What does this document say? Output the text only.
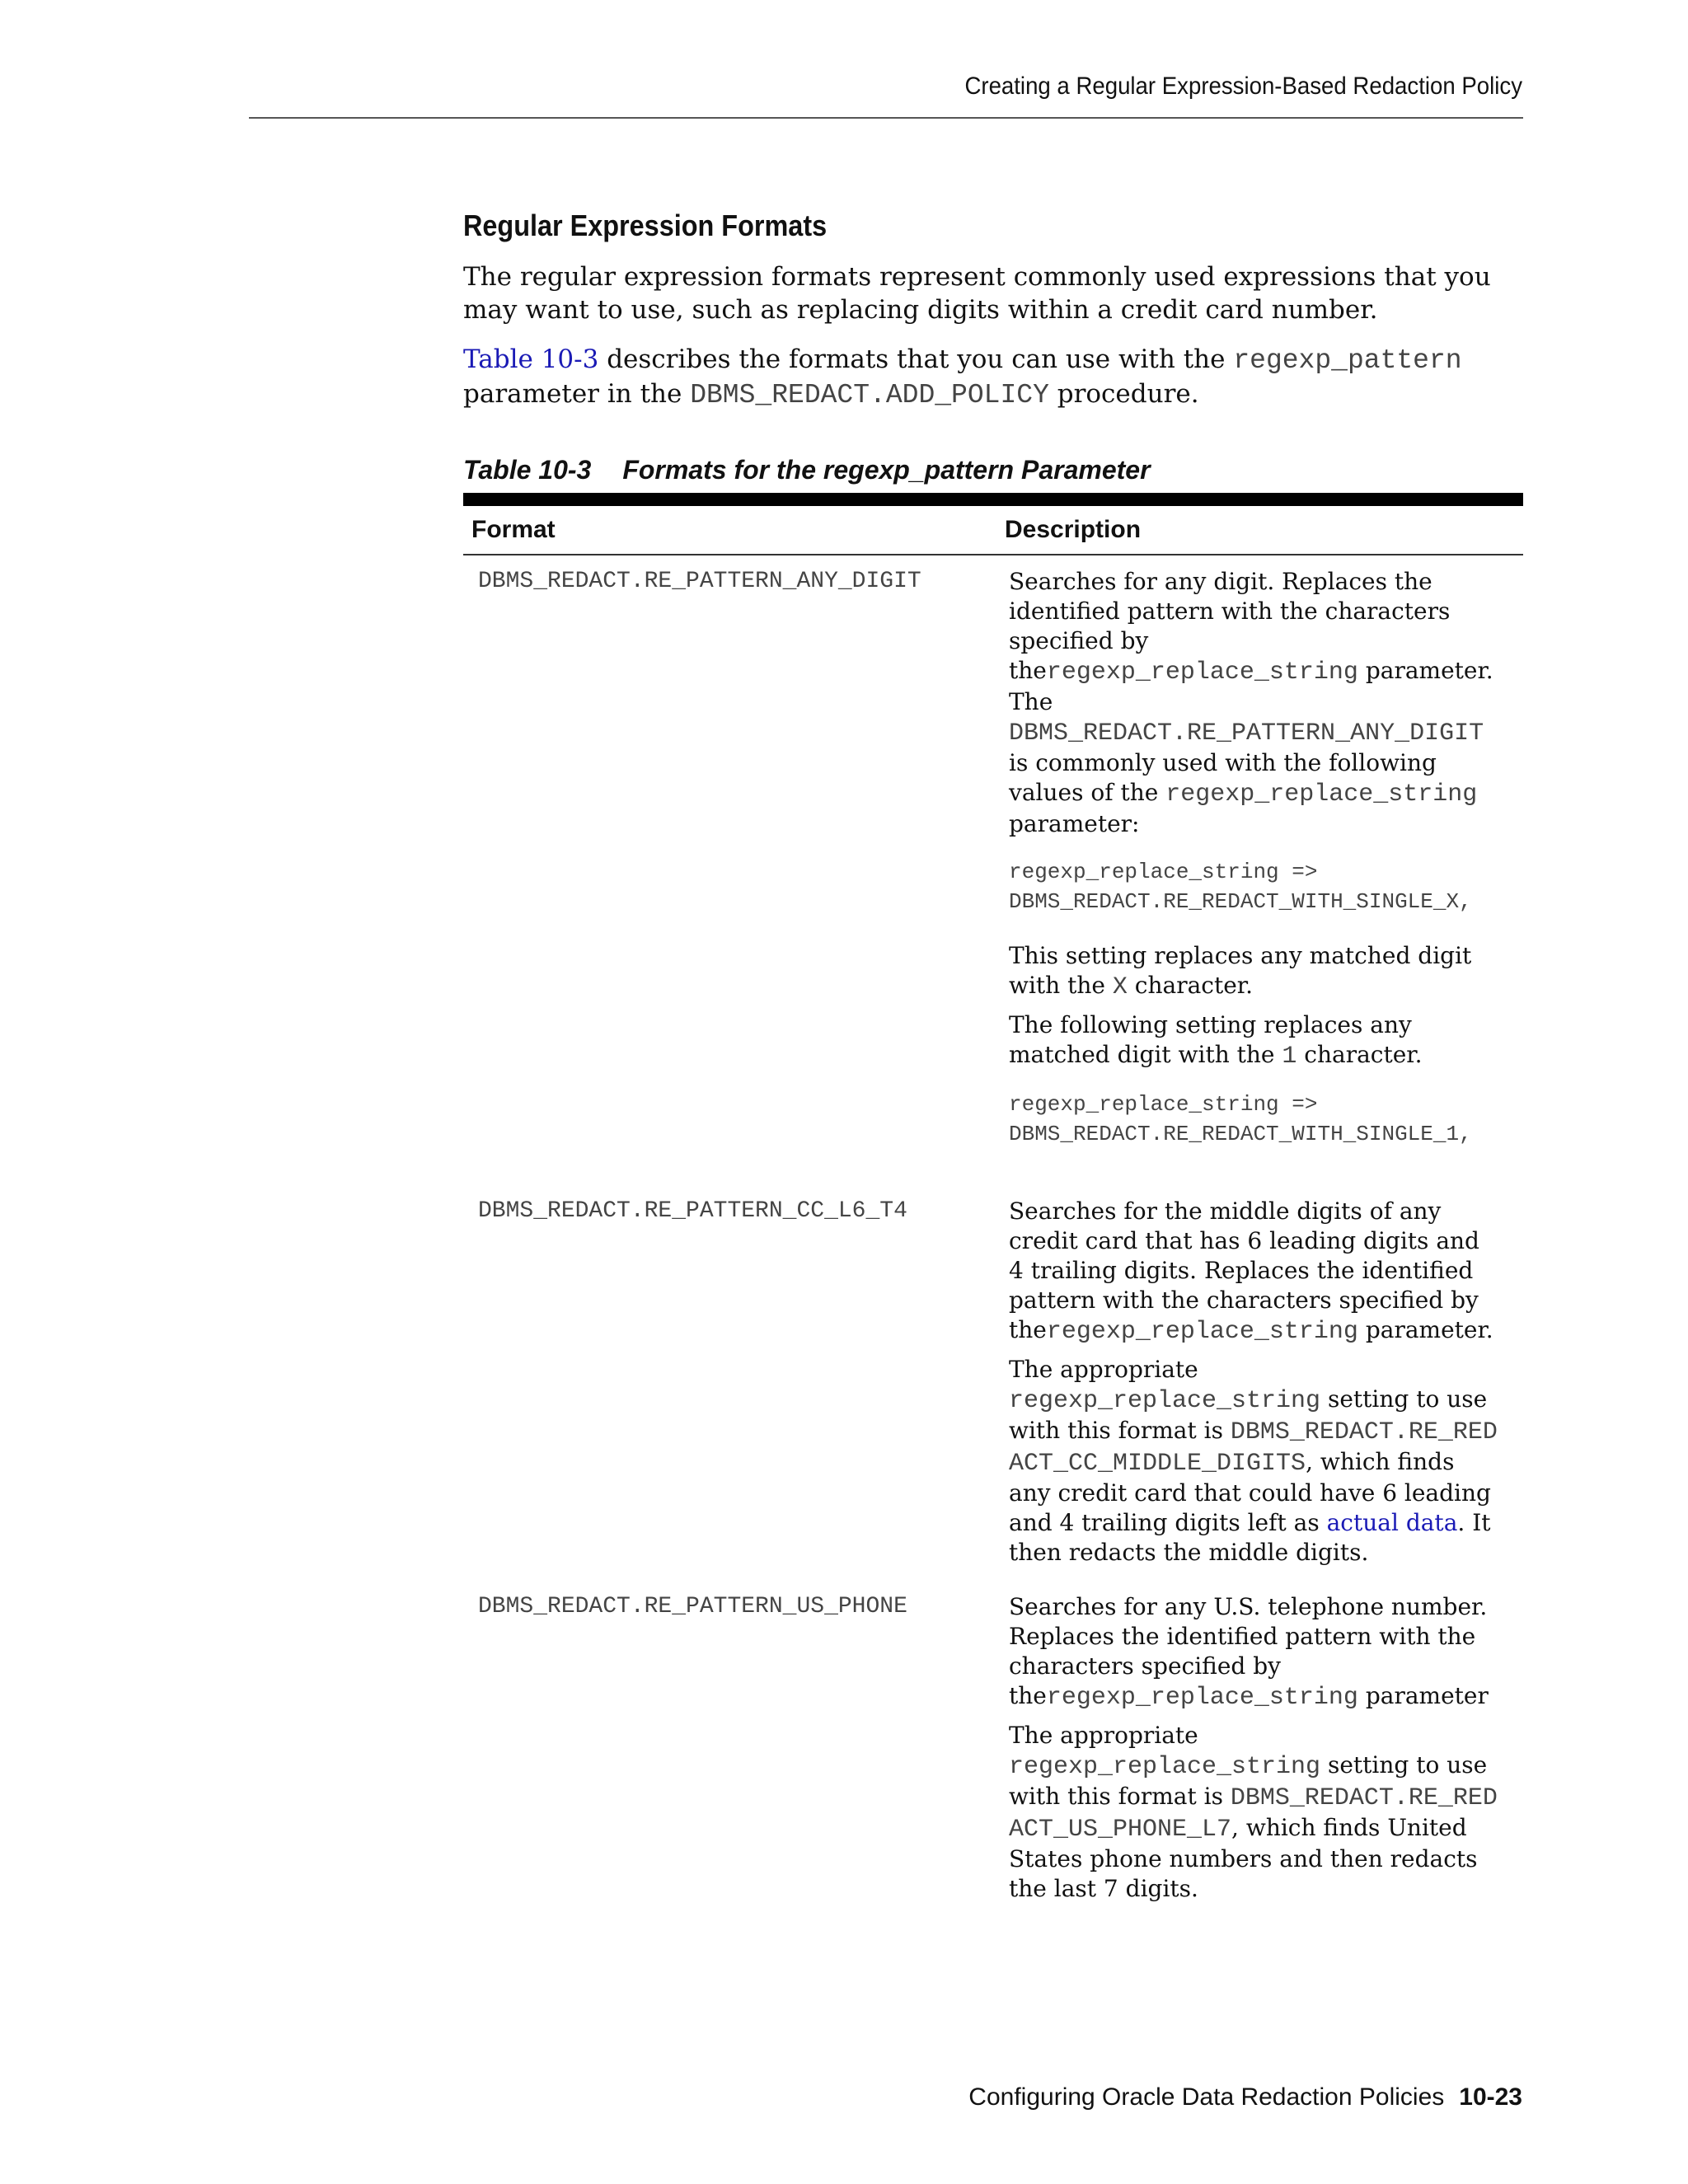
Creating a Regular Expression-Based Redaction Policy
Regular Expression Formats

The regular expression formats represent commonly used expressions that you may want to use, such as replacing digits within a credit card number.

Table 10-3 describes the formats that you can use with the regexp_pattern
parameter in the DBMS_REDACT.ADD_POLICY procedure.

Table 10-3 Formats for the regexp_pattern Parameter
Format	Description
DBMS_REDACT.RE_PATTERN_ANY_DIGIT	Searches for any digit. Replaces the identified pattern with the characters specified by theregexp_replace_string parameter. The DBMS_REDACT.RE_PATTERN_ANY_DIGIT is commonly used with the following values of the regexp_replace_string parameter:

regexp_replace_string =>
DBMS_REDACT.RE_REDACT_WITH_SINGLE_X,

This setting replaces any matched digit with the X character.

The following setting replaces any matched digit with the 1 character.

regexp_replace_string =>
DBMS_REDACT.RE_REDACT_WITH_SINGLE_1,
DBMS_REDACT.RE_PATTERN_CC_L6_T4	Searches for the middle digits of any credit card that has 6 leading digits and 4 trailing digits. Replaces the identified pattern with the characters specified by theregexp_replace_string parameter.

The appropriate regexp_replace_string setting to use with this format is DBMS_REDACT.RE_REDACT_CC_MIDDLE_DIGITS, which finds any credit card that could have 6 leading and 4 trailing digits left as actual data. It then redacts the middle digits.

DBMS_REDACT.RE_PATTERN_US_PHONE	Searches for any U.S. telephone number. Replaces the identified pattern with the characters specified by theregexp_replace_string parameter

The appropriate regexp_replace_string setting to use with this format is DBMS_REDACT.RE_REDACT_US_PHONE_L7, which finds United States phone numbers and then redacts the last 7 digits.

Configuring Oracle Data Redaction Policies 10-23
